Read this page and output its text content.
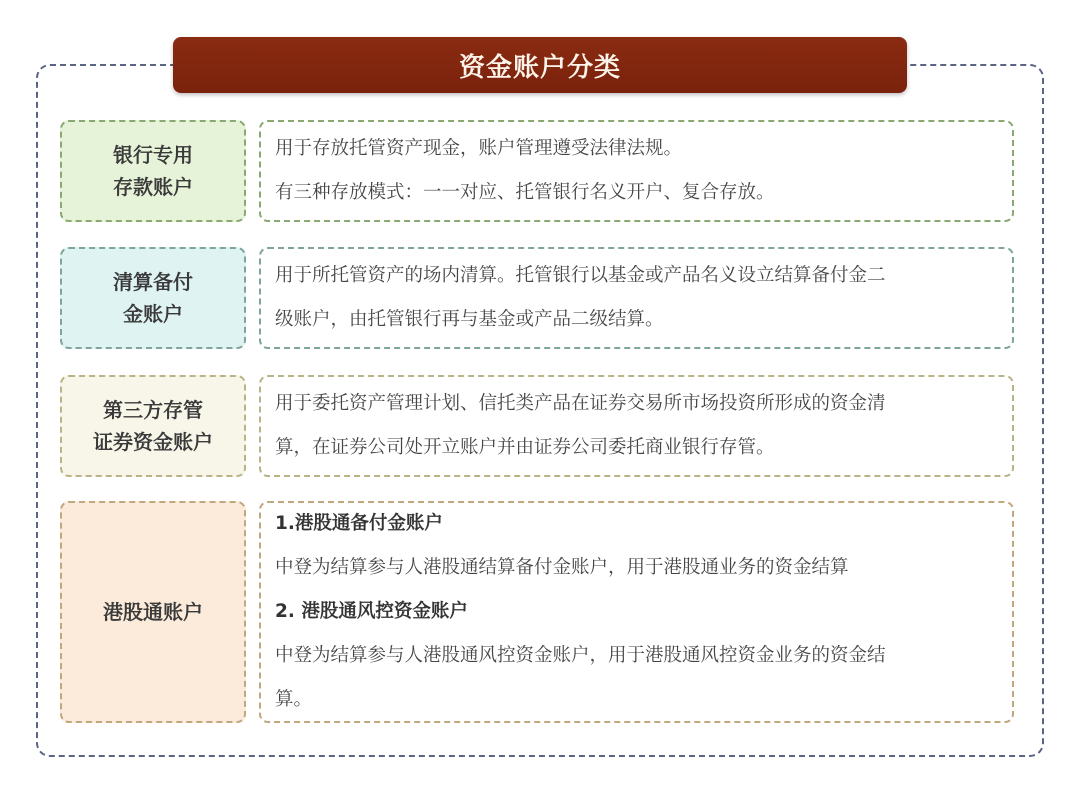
资金账户分类
银行专用
存款账户
用于存放托管资产现金，账户管理遵受法律法规。
有三种存放模式：一一对应、托管银行名义开户、复合存放。
清算备付
金账户
用于所托管资产的场内清算。托管银行以基金或产品名义设立结算备付金二
级账户，由托管银行再与基金或产品二级结算。
第三方存管
证券资金账户
用于委托资产管理计划、信托类产品在证券交易所市场投资所形成的资金清
算，在证券公司处开立账户并由证券公司委托商业银行存管。
港股通账户
1.港股通备付金账户
中登为结算参与人港股通结算备付金账户，用于港股通业务的资金结算
2. 港股通风控资金账户
中登为结算参与人港股通风控资金账户，用于港股通风控资金业务的资金结
算。
